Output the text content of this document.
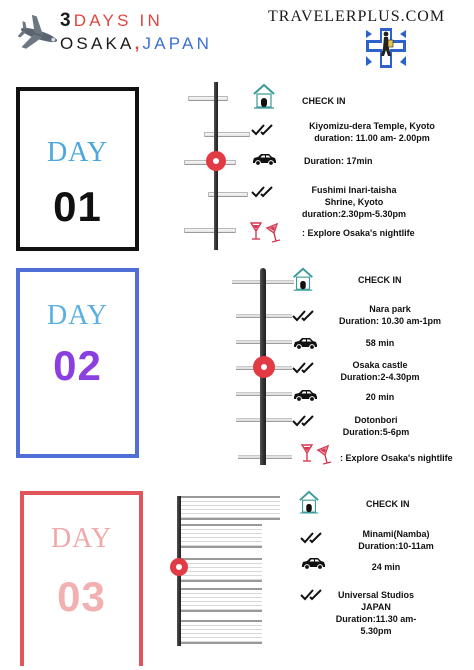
3DAYS IN
OSAKA,JAPAN
TRAVELERPLUS.COM
DAY
01
CHECK IN
Kiyomizu-dera Temple, Kyoto
duration: 11.00 am- 2.00pm
Duration: 17min
Fushimi Inari-taisha
Shrine, Kyoto
duration:2.30pm-5.30pm
: Explore Osaka's nightlife
DAY
02
CHECK IN
Nara park
Duration: 10.30 am-1pm
58 min
Osaka castle
Duration:2-4.30pm
20 min
Dotonbori
Duration:5-6pm
: Explore Osaka's nightlife
DAY
03
CHECK IN
Minami(Namba)
Duration:10-11am
24 min
Universal Studios
JAPAN
Duration:11.30 am-
5.30pm
